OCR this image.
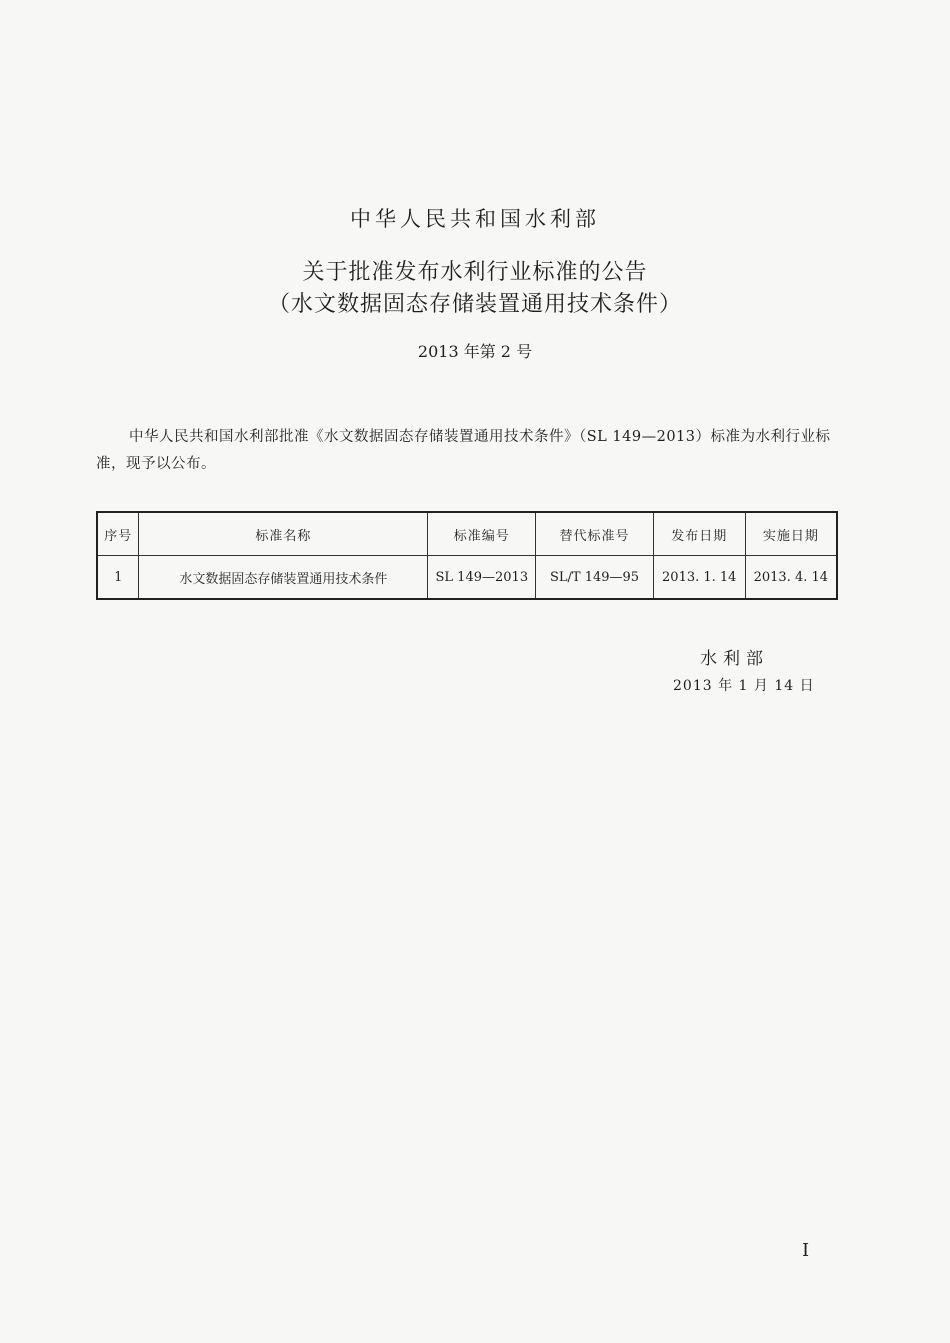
中华人民共和国水利部
关于批准发布水利行业标准的公告
（水文数据固态存储装置通用技术条件）
2013 年第 2 号

中华人民共和国水利部批准《水文数据固态存储装置通用技术条件》（SL 149—2013）标准为水利行业标准，现予以公布。

序号	标准名称	标准编号	替代标准号	发布日期	实施日期
1	水文数据固态存储装置通用技术条件	SL 149—2013	SL/T 149—95	2013. 1. 14	2013. 4. 14
水利部
2013 年 1 月 14 日
I
